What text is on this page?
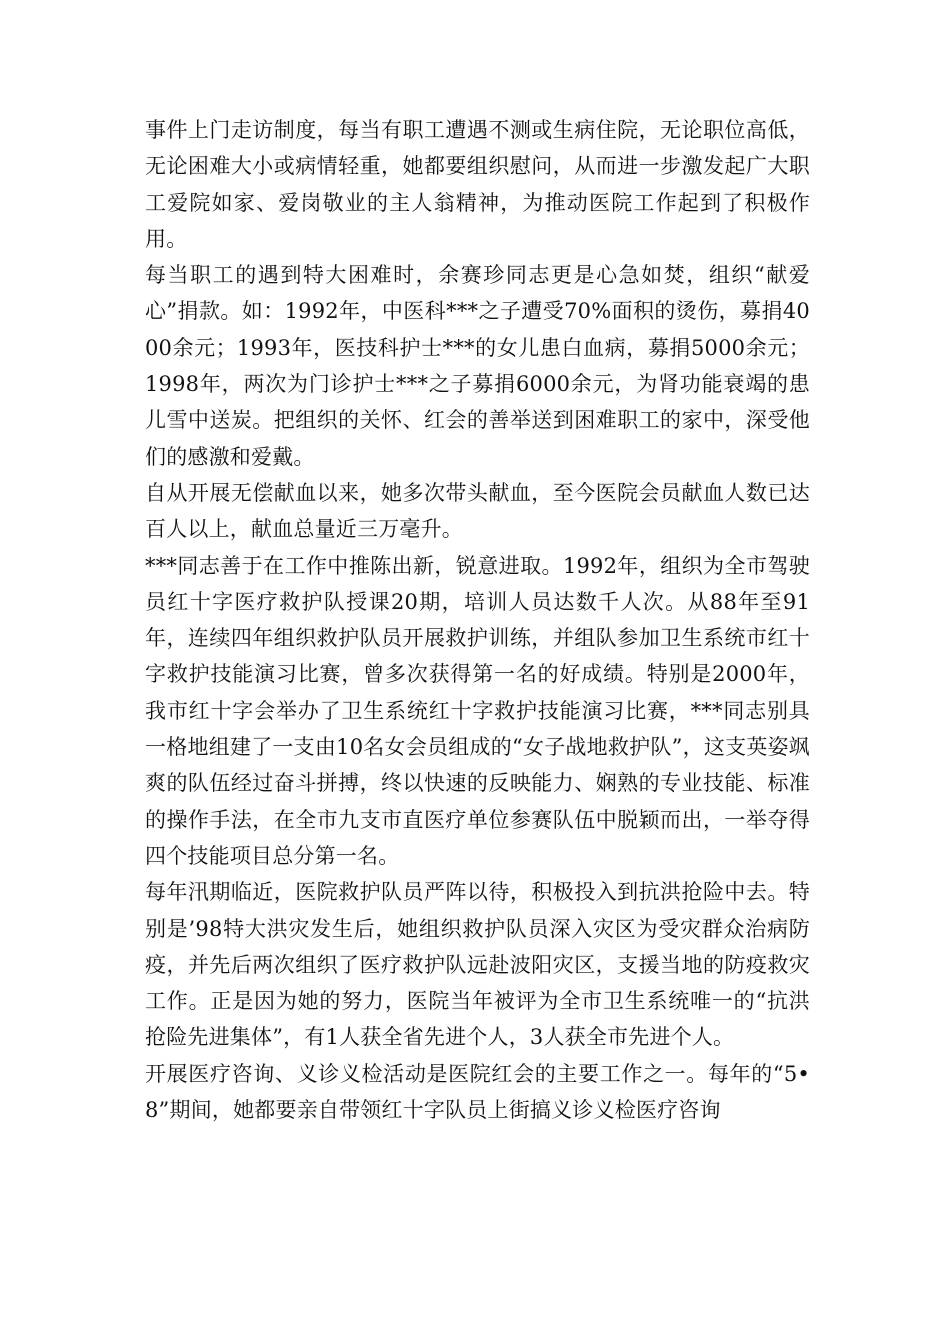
事件上门走访制度，每当有职工遭遇不测或生病住院，无论职位高低，无论困难大小或病情轻重，她都要组织慰问，从而进一步激发起广大职工爱院如家、爱岗敬业的主人翁精神，为推动医院工作起到了积极作用。

每当职工的遇到特大困难时，余赛珍同志更是心急如焚，组织“献爱心”捐款。如：1992年，中医科***之子遭受70%面积的烫伤，募捐4000余元；1993年，医技科护士***的女儿患白血病，募捐5000余元；1998年，两次为门诊护士***之子募捐6000余元，为肾功能衰竭的患儿雪中送炭。把组织的关怀、红会的善举送到困难职工的家中，深受他们的感激和爱戴。

自从开展无偿献血以来，她多次带头献血，至今医院会员献血人数已达百人以上，献血总量近三万毫升。

***同志善于在工作中推陈出新，锐意进取。1992年，组织为全市驾驶员红十字医疗救护队授课20期，培训人员达数千人次。从88年至91年，连续四年组织救护队员开展救护训练，并组队参加卫生系统市红十字救护技能演习比赛，曾多次获得第一名的好成绩。特别是2000年，我市红十字会举办了卫生系统红十字救护技能演习比赛，***同志别具一格地组建了一支由10名女会员组成的“女子战地救护队”，这支英姿飒爽的队伍经过奋斗拼搏，终以快速的反映能力、娴熟的专业技能、标准的操作手法，在全市九支市直医疗单位参赛队伍中脱颖而出，一举夺得四个技能项目总分第一名。

每年汛期临近，医院救护队员严阵以待，积极投入到抗洪抢险中去。特别是’98特大洪灾发生后，她组织救护队员深入灾区为受灾群众治病防疫，并先后两次组织了医疗救护队远赴波阳灾区，支援当地的防疫救灾工作。正是因为她的努力，医院当年被评为全市卫生系统唯一的“抗洪抢险先进集体”，有1人获全省先进个人，3人获全市先进个人。

开展医疗咨询、义诊义检活动是医院红会的主要工作之一。每年的“5•8”期间，她都要亲自带领红十字队员上街搞义诊义检医疗咨询
